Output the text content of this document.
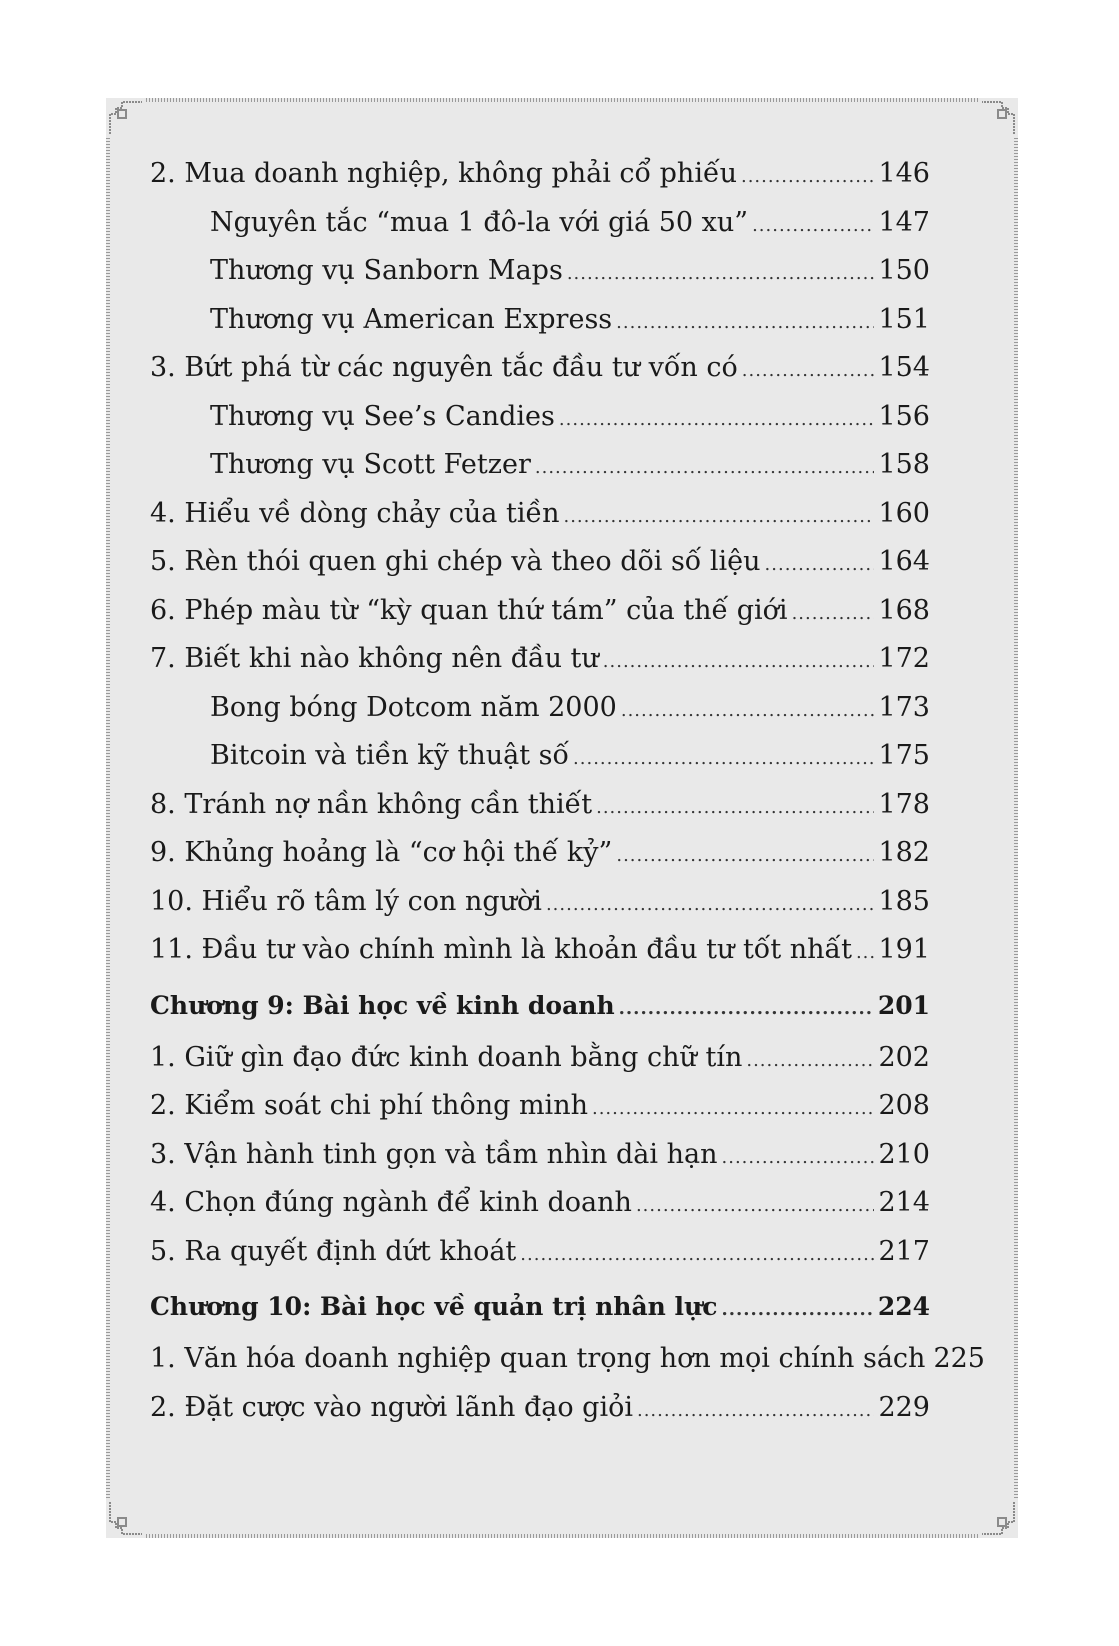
2. Mua doanh nghiệp, không phải cổ phiếu .....	146
Nguyên tắc “mua 1 đô-la với giá 50 xu” .....	147
Thương vụ Sanborn Maps .....	150
Thương vụ American Express .....	151
3. Bứt phá từ các nguyên tắc đầu tư vốn có .....	154
Thương vụ See’s Candies .....	156
Thương vụ Scott Fetzer .....	158
4. Hiểu về dòng chảy của tiền .....	160
5. Rèn thói quen ghi chép và theo dõi số liệu .....	164
6. Phép màu từ “kỳ quan thứ tám” của thế giới .....	168
7. Biết khi nào không nên đầu tư .....	172
Bong bóng Dotcom năm 2000 .....	173
Bitcoin và tiền kỹ thuật số .....	175
8. Tránh nợ nần không cần thiết .....	178
9. Khủng hoảng là “cơ hội thế kỷ” .....	182
10. Hiểu rõ tâm lý con người .....	185
11. Đầu tư vào chính mình là khoản đầu tư tốt nhất ..... 191
Chương 9: Bài học về kinh doanh .....	201
1. Giữ gìn đạo đức kinh doanh bằng chữ tín .....	202
2. Kiểm soát chi phí thông minh .....	208
3. Vận hành tinh gọn và tầm nhìn dài hạn .....	210
4. Chọn đúng ngành để kinh doanh .....	214
5. Ra quyết định dứt khoát .....	217
Chương 10: Bài học về quản trị nhân lực .....	224
1. Văn hóa doanh nghiệp quan trọng hơn mọi chính sách 225
2. Đặt cược vào người lãnh đạo giỏi .....	229
